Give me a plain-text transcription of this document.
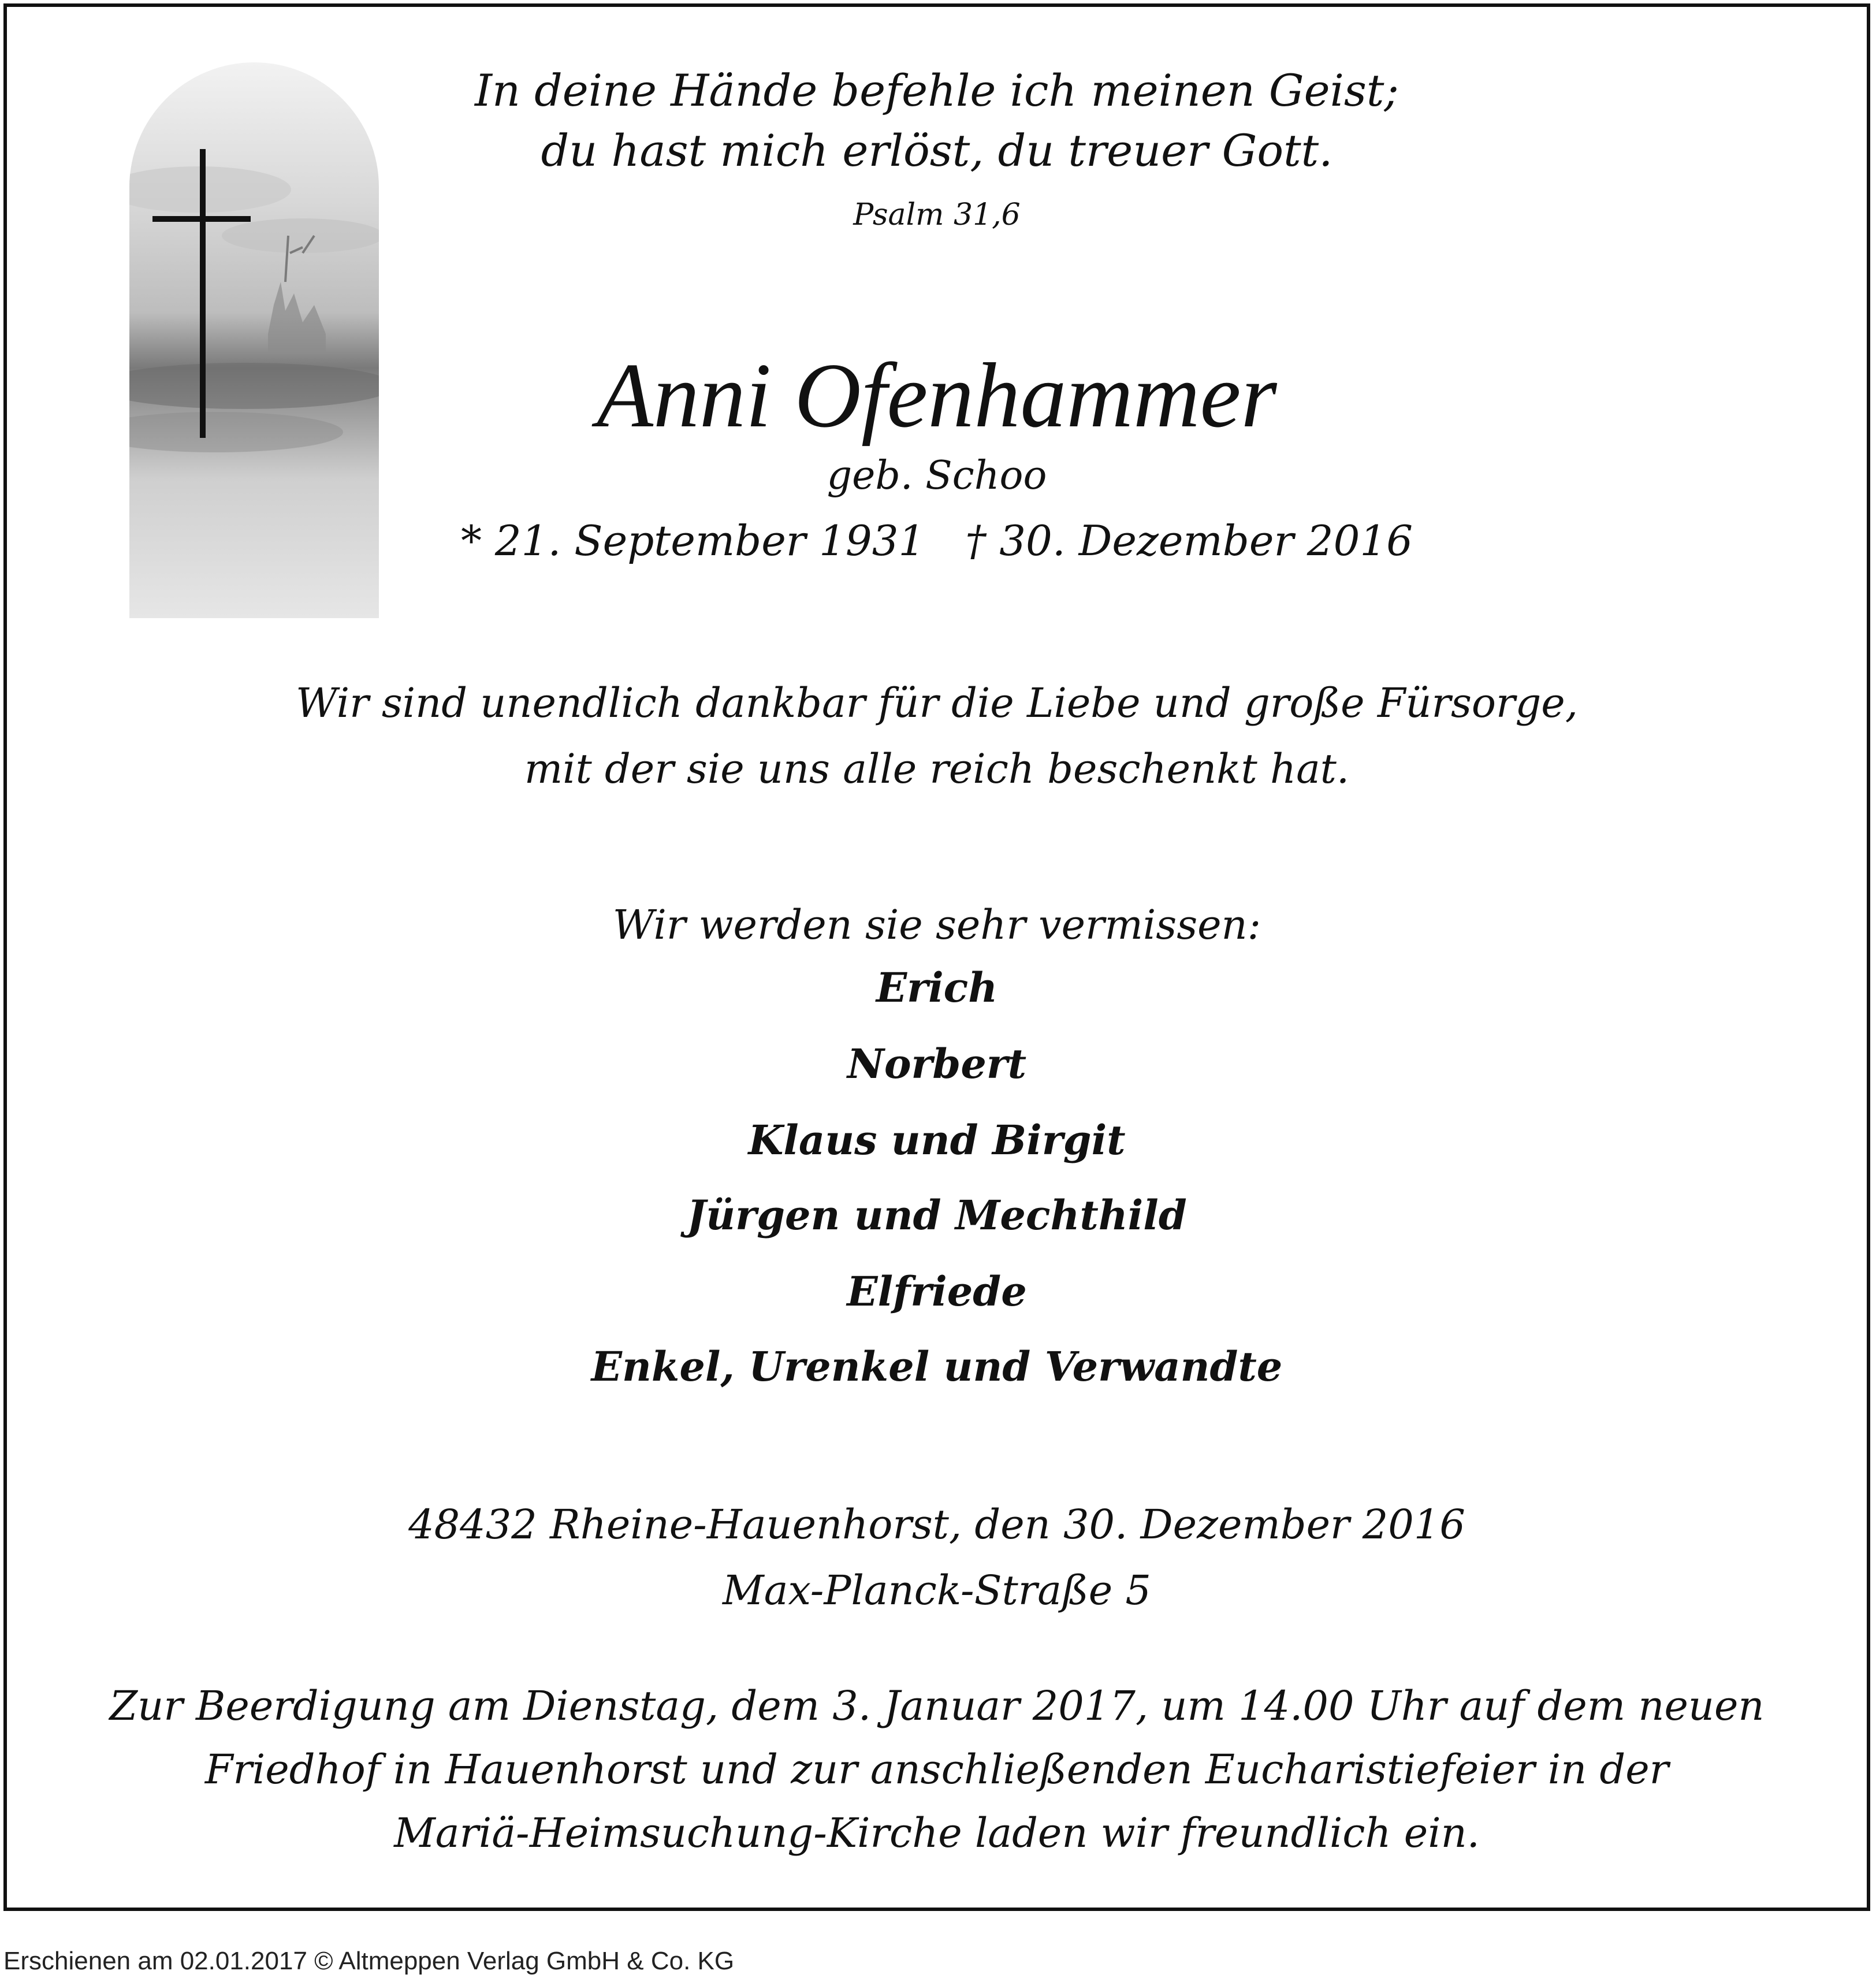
In deine Hände befehle ich meinen Geist;

du hast mich erlöst, du treuer Gott.

Psalm 31,6

Anni Ofenhammer

geb. Schoo

* 21. September 1931 † 30. Dezember 2016

Wir sind unendlich dankbar für die Liebe und große Fürsorge,

mit der sie uns alle reich beschenkt hat.

Wir werden sie sehr vermissen:

Erich

Norbert

Klaus und Birgit

Jürgen und Mechthild

Elfriede

Enkel, Urenkel und Verwandte

48432 Rheine-Hauenhorst, den 30. Dezember 2016

Max-Planck-Straße 5

Zur Beerdigung am Dienstag, dem 3. Januar 2017, um 14.00 Uhr auf dem neuen

Friedhof in Hauenhorst und zur anschließenden Eucharistiefeier in der

Mariä-Heimsuchung-Kirche laden wir freundlich ein.

Erschienen am 02.01.2017 © Altmeppen Verlag GmbH & Co. KG
